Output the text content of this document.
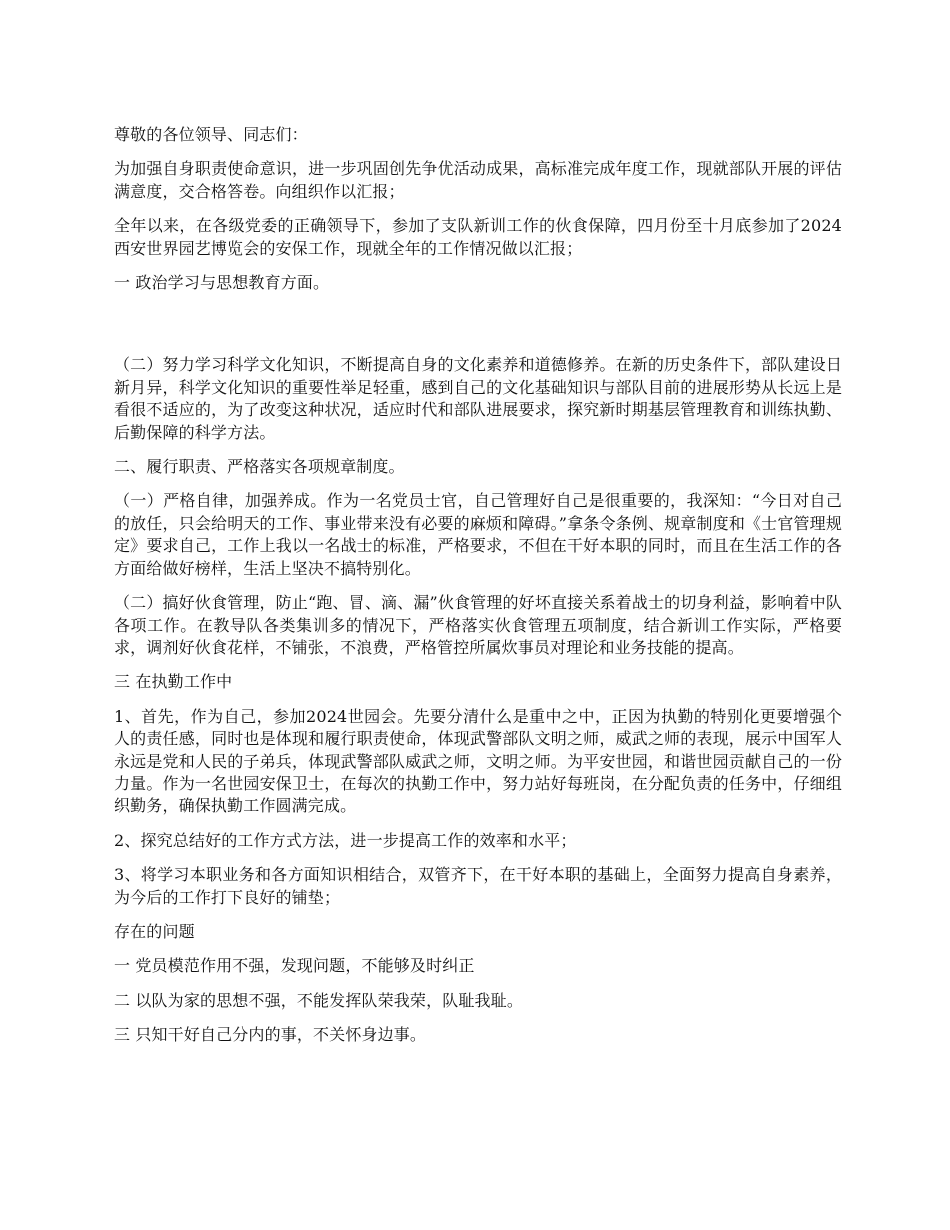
尊敬的各位领导、同志们：

为加强自身职责使命意识，进一步巩固创先争优活动成果，高标准完成年度工作，现就部队开展的评估满意度，交合格答卷。向组织作以汇报；

全年以来，在各级党委的正确领导下，参加了支队新训工作的伙食保障，四月份至十月底参加了2024西安世界园艺博览会的安保工作，现就全年的工作情况做以汇报；

一 政治学习与思想教育方面。

（二）努力学习科学文化知识，不断提高自身的文化素养和道德修养。在新的历史条件下，部队建设日新月异，科学文化知识的重要性举足轻重，感到自己的文化基础知识与部队目前的进展形势从长远上是看很不适应的，为了改变这种状况，适应时代和部队进展要求，探究新时期基层管理教育和训练执勤、后勤保障的科学方法。

二、履行职责、严格落实各项规章制度。

（一）严格自律，加强养成。作为一名党员士官，自己管理好自己是很重要的，我深知：“今日对自己的放任，只会给明天的工作、事业带来没有必要的麻烦和障碍。”拿条令条例、规章制度和《士官管理规定》要求自己，工作上我以一名战士的标准，严格要求，不但在干好本职的同时，而且在生活工作的各方面给做好榜样，生活上坚决不搞特别化。

（二）搞好伙食管理，防止“跑、冒、滴、漏”伙食管理的好坏直接关系着战士的切身利益，影响着中队各项工作。在教导队各类集训多的情况下，严格落实伙食管理五项制度，结合新训工作实际，严格要求，调剂好伙食花样，不铺张，不浪费，严格管控所属炊事员对理论和业务技能的提高。

三 在执勤工作中

1、首先，作为自己，参加2024世园会。先要分清什么是重中之中，正因为执勤的特别化更要增强个人的责任感，同时也是体现和履行职责使命，体现武警部队文明之师，威武之师的表现，展示中国军人永远是党和人民的子弟兵，体现武警部队威武之师，文明之师。为平安世园，和谐世园贡献自己的一份力量。作为一名世园安保卫士，在每次的执勤工作中，努力站好每班岗，在分配负责的任务中，仔细组织勤务，确保执勤工作圆满完成。

2、探究总结好的工作方式方法，进一步提高工作的效率和水平；

3、将学习本职业务和各方面知识相结合，双管齐下，在干好本职的基础上，全面努力提高自身素养，为今后的工作打下良好的铺垫；

存在的问题

一 党员模范作用不强，发现问题，不能够及时纠正

二 以队为家的思想不强，不能发挥队荣我荣，队耻我耻。

三 只知干好自己分内的事，不关怀身边事。
